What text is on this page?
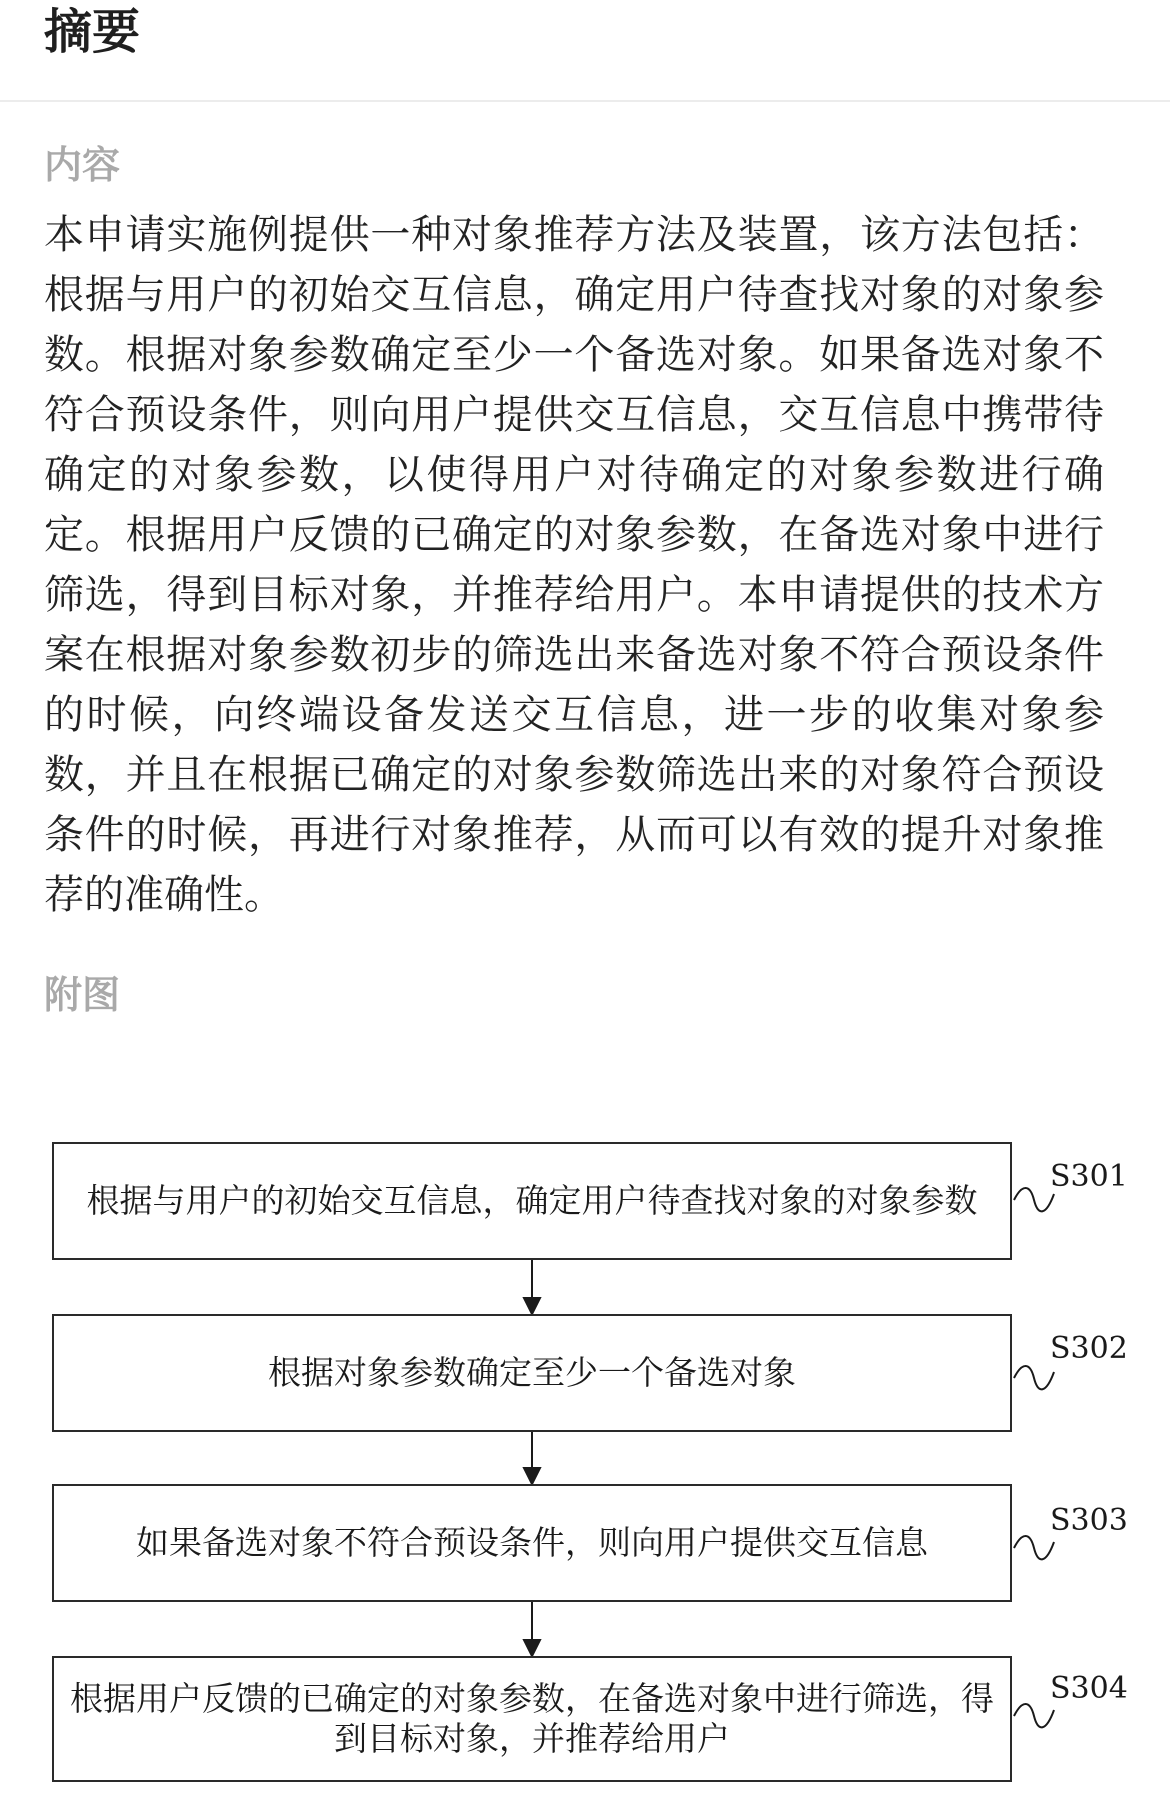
摘要
内容

本申请实施例提供一种对象推荐方法及装置，该方法包括：根据与用户的初始交互信息，确定用户待查找对象的对象参数。根据对象参数确定至少一个备选对象。如果备选对象不符合预设条件，则向用户提供交互信息，交互信息中携带待确定的对象参数，以使得用户对待确定的对象参数进行确定。根据用户反馈的已确定的对象参数，在备选对象中进行筛选，得到目标对象，并推荐给用户。本申请提供的技术方案在根据对象参数初步的筛选出来备选对象不符合预设条件的时候，向终端设备发送交互信息，进一步的收集对象参数，并且在根据已确定的对象参数筛选出来的对象符合预设条件的时候，再进行对象推荐，从而可以有效的提升对象推荐的准确性。

附图
根据与用户的初始交互信息，确定用户待查找对象的对象参数
S301
根据对象参数确定至少一个备选对象
S302
如果备选对象不符合预设条件，则向用户提供交互信息
S303
根据用户反馈的已确定的对象参数，在备选对象中进行筛选，得到目标对象，并推荐给用户
S304
